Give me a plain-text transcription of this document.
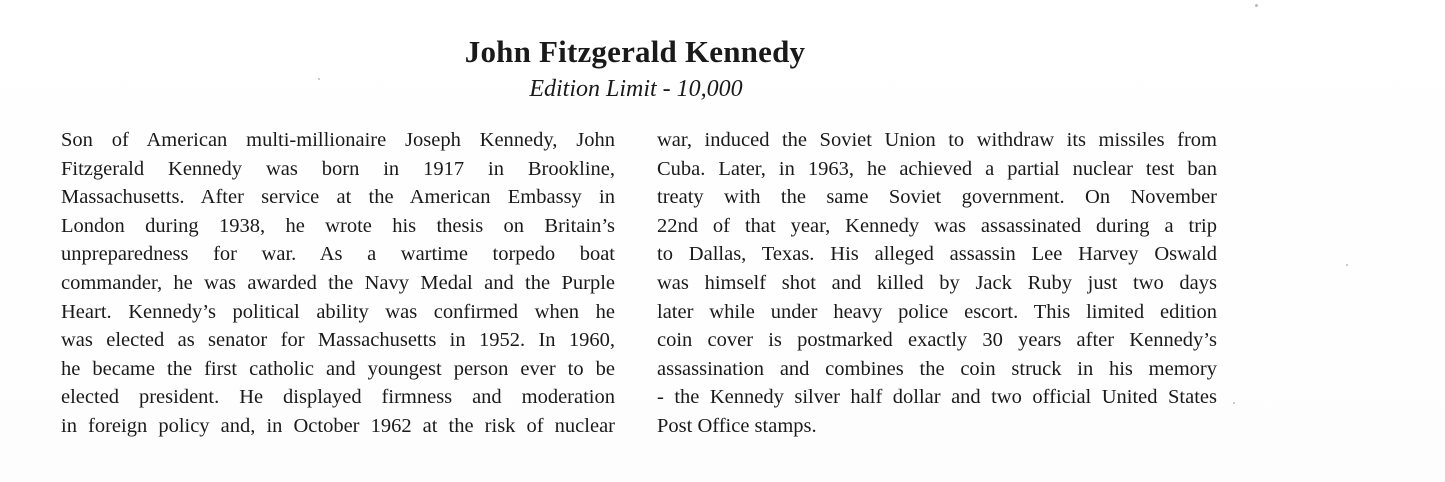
John Fitzgerald Kennedy

Edition Limit - 10,000

Son of American multi-millionaire Joseph Kennedy, John
Fitzgerald Kennedy was born in 1917 in Brookline,
Massachusetts. After service at the American Embassy in
London during 1938, he wrote his thesis on Britain’s
unpreparedness for war. As a wartime torpedo boat
commander, he was awarded the Navy Medal and the Purple
Heart. Kennedy’s political ability was confirmed when he
was elected as senator for Massachusetts in 1952. In 1960,
he became the first catholic and youngest person ever to be
elected president. He displayed firmness and moderation
in foreign policy and, in October 1962 at the risk of nuclear
war, induced the Soviet Union to withdraw its missiles from
Cuba. Later, in 1963, he achieved a partial nuclear test ban
treaty with the same Soviet government. On November
22nd of that year, Kennedy was assassinated during a trip
to Dallas, Texas. His alleged assassin Lee Harvey Oswald
was himself shot and killed by Jack Ruby just two days
later while under heavy police escort. This limited edition
coin cover is postmarked exactly 30 years after Kennedy’s
assassination and combines the coin struck in his memory
- the Kennedy silver half dollar and two official United States
Post Office stamps.
